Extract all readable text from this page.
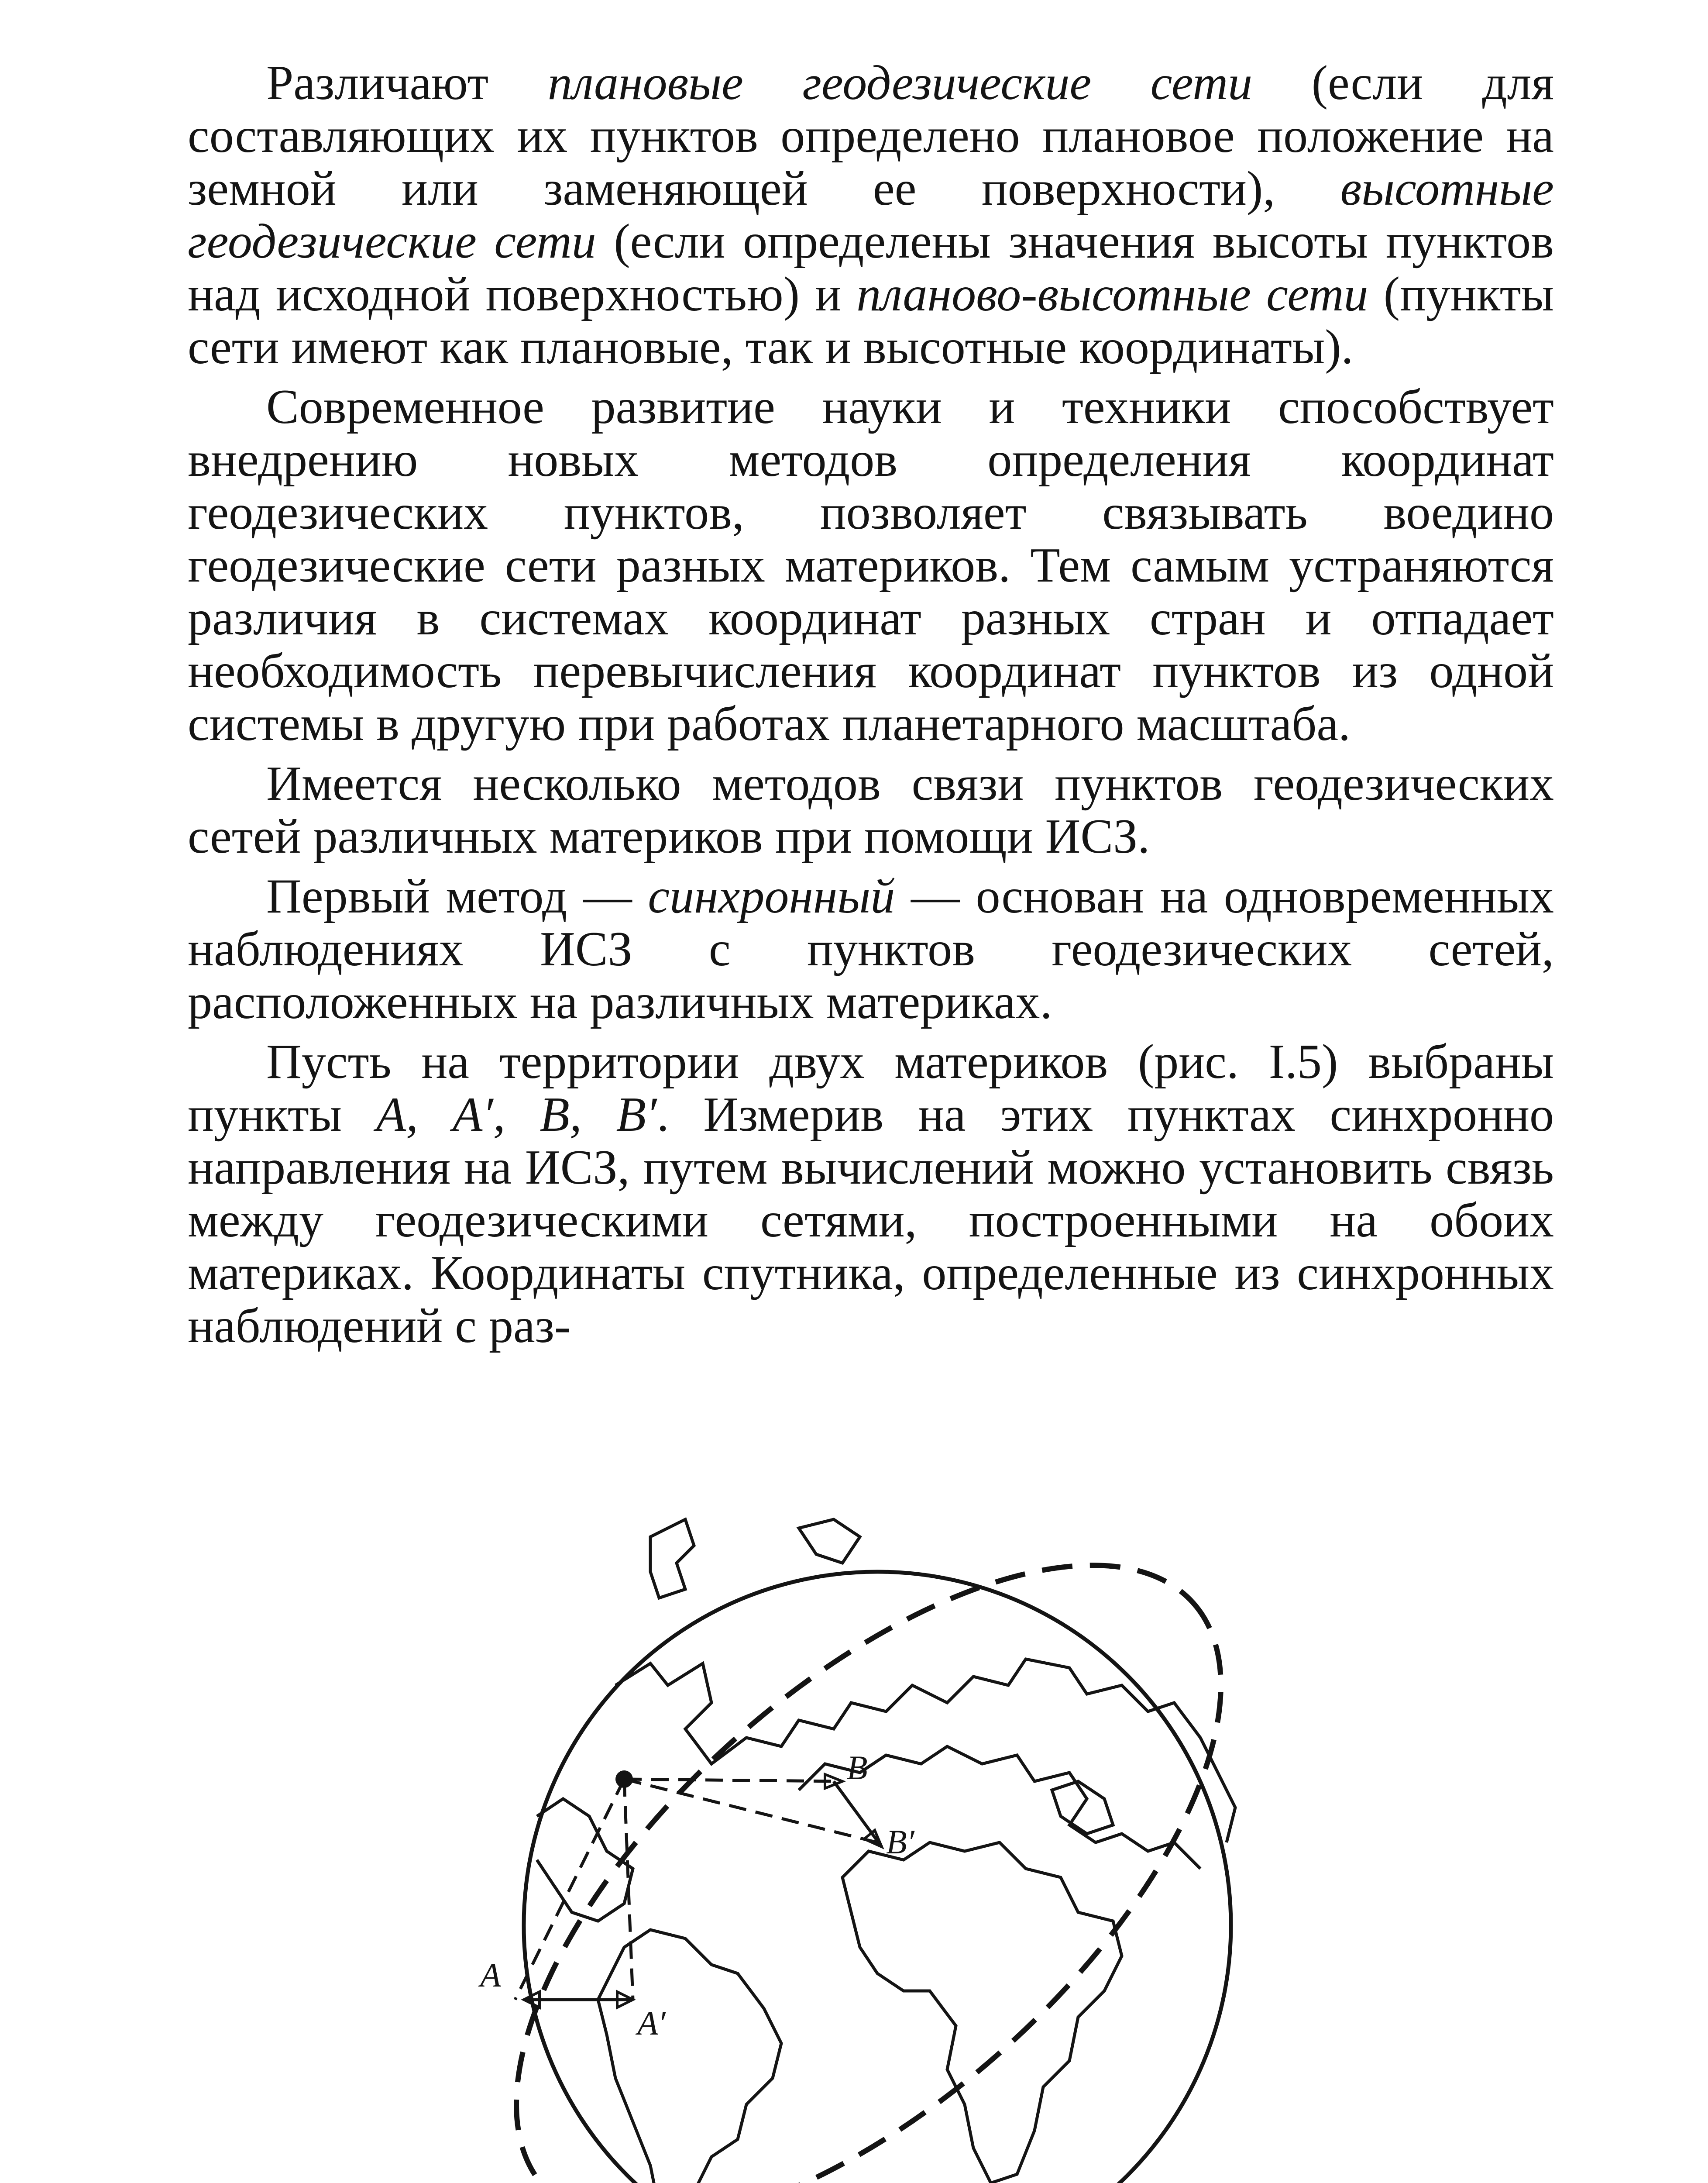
Различают плановые геодезические сети (если для составляющих их пунктов определено плановое положение на земной или заменяющей ее поверхности), высотные геодезические сети (если определены значения высоты пунктов над исходной поверхностью) и планово-высотные сети (пункты сети имеют как плановые, так и высотные координаты).

Современное развитие науки и техники способствует внедрению новых методов определения координат геодезических пунктов, позволяет связывать воедино геодезические сети разных материков. Тем самым устраняются различия в системах координат разных стран и отпадает необходимость перевычисления координат пунктов из одной системы в другую при работах планетарного масштаба.

Имеется несколько методов связи пунктов геодезических сетей различных материков при помощи ИСЗ.

Первый метод — синхронный — основан на одновременных наблюдениях ИСЗ с пунктов геодезических сетей, расположенных на различных материках.

Пусть на территории двух материков (рис. I.5) выбраны пункты А, А′, В, В′. Измерив на этих пунктах синхронно направления на ИСЗ, путем вычислений можно установить связь между геодезическими сетями, построенными на обоих материках. Координаты спутника, определенные из синхронных наблюдений с раз-

B
B′
A
A′
